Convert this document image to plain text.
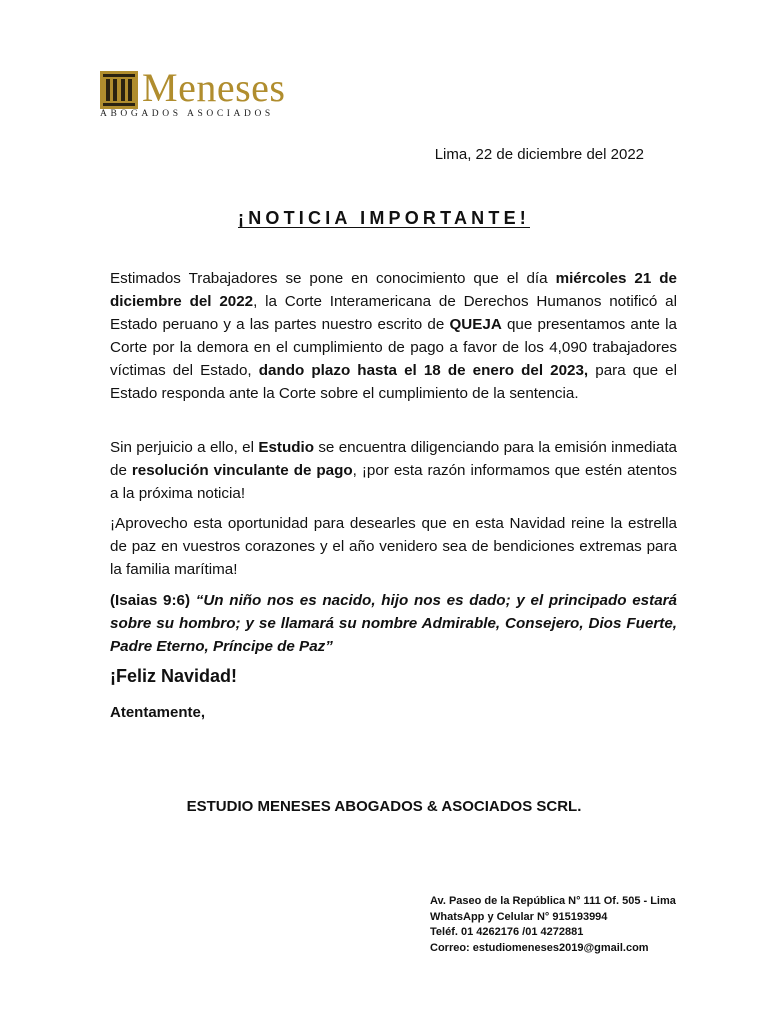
Meneses
ABOGADOS ASOCIADOS
Lima, 22 de diciembre del 2022
¡NOTICIA IMPORTANTE!

Estimados Trabajadores se pone en conocimiento que el día miércoles 21 de diciembre del 2022, la Corte Interamericana de Derechos Humanos notificó al Estado peruano y a las partes nuestro escrito de QUEJA que presentamos ante la Corte por la demora en el cumplimiento de pago a favor de los 4,090 trabajadores víctimas del Estado, dando plazo hasta el 18 de enero del 2023, para que el Estado responda ante la Corte sobre el cumplimiento de la sentencia.

Sin perjuicio a ello, el Estudio se encuentra diligenciando para la emisión inmediata de resolución vinculante de pago, ¡por esta razón informamos que estén atentos a la próxima noticia!

¡Aprovecho esta oportunidad para desearles que en esta Navidad reine la estrella de paz en vuestros corazones y el año venidero sea de bendiciones extremas para la familia marítima!

(Isaias 9:6) “Un niño nos es nacido, hijo nos es dado; y el principado estará sobre su hombro; y se llamará su nombre Admirable, Consejero, Dios Fuerte, Padre Eterno, Príncipe de Paz”

¡Feliz Navidad!
Atentamente,
ESTUDIO MENESES ABOGADOS & ASOCIADOS SCRL.
Av. Paseo de la República N° 111 Of. 505 - Lima
WhatsApp y Celular N° 915193994
Teléf. 01 4262176 /01 4272881
Correo: estudiomeneses2019@gmail.com
